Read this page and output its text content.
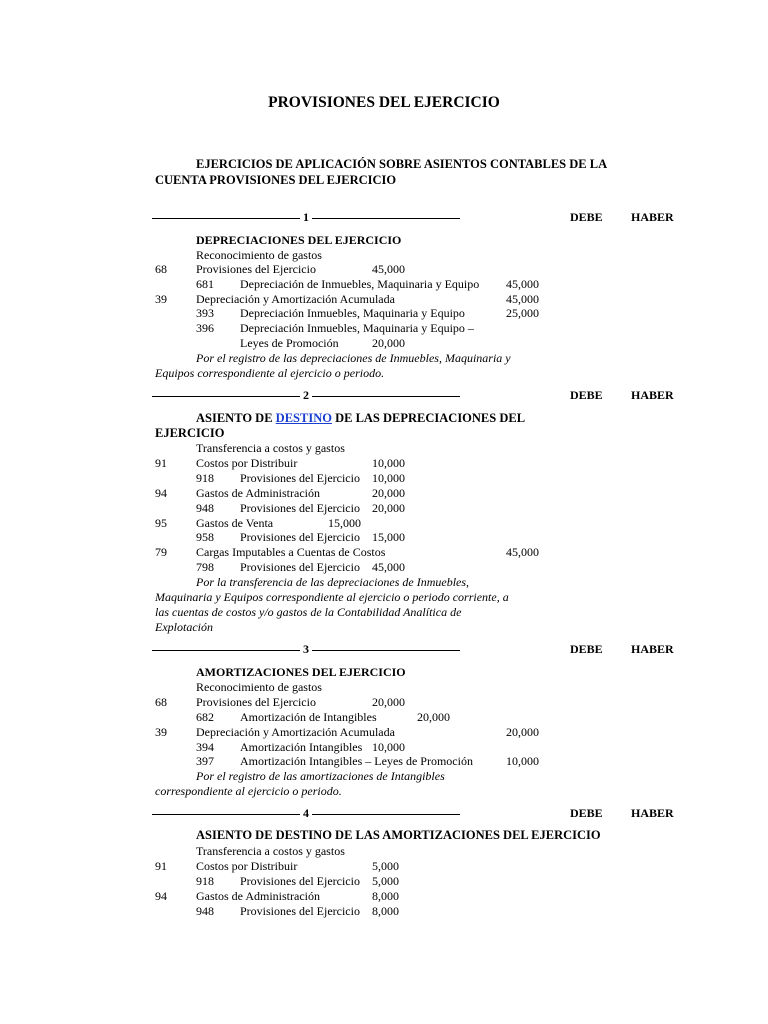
PROVISIONES DEL EJERCICIO
EJERCICIOS DE APLICACIÓN SOBRE ASIENTOS CONTABLES DE LA CUENTA PROVISIONES DEL EJERCICIO
1	DEBE HABER
DEPRECIACIONES DEL EJERCICIO
Reconocimiento de gastos
68 Provisiones del Ejercicio	45,000
681 Depreciación de Inmuebles, Maquinaria y Equipo 45,000
39 Depreciación y Amortización Acumulada	45,000
393 Depreciación Inmuebles, Maquinaria y Equipo	25,000
396 Depreciación Inmuebles, Maquinaria y Equipo –
Leyes de Promoción	20,000
Por el registro de las depreciaciones de Inmuebles, Maquinaria y
Equipos correspondiente al ejercicio o periodo.
2	DEBE HABER
ASIENTO DE DESTINO DE LAS DEPRECIACIONES DEL
EJERCICIO
Transferencia a costos y gastos
91 Costos por Distribuir	10,000
918 Provisiones del Ejercicio 10,000
94 Gastos de Administración	20,000
948 Provisiones del Ejercicio 20,000
95 Gastos de Venta	15,000
958 Provisiones del Ejercicio 15,000
79 Cargas Imputables a Cuentas de Costos	45,000
798 Provisiones del Ejercicio 45,000
Por la transferencia de las depreciaciones de Inmuebles,
Maquinaria y Equipos correspondiente al ejercicio o periodo corriente, a
las cuentas de costos y/o gastos de la Contabilidad Analítica de
Explotación
3	DEBE HABER
AMORTIZACIONES DEL EJERCICIO
Reconocimiento de gastos
68 Provisiones del Ejercicio	20,000
682 Amortización de Intangibles	20,000
39 Depreciación y Amortización Acumulada	20,000
394 Amortización Intangibles 10,000
397 Amortización Intangibles – Leyes de Promoción	10,000
Por el registro de las amortizaciones de Intangibles
correspondiente al ejercicio o periodo.
4	DEBE HABER
ASIENTO DE DESTINO DE LAS AMORTIZACIONES DEL EJERCICIO
Transferencia a costos y gastos
91 Costos por Distribuir	5,000
918 Provisiones del Ejercicio 5,000
94 Gastos de Administración	8,000
948 Provisiones del Ejercicio 8,000
